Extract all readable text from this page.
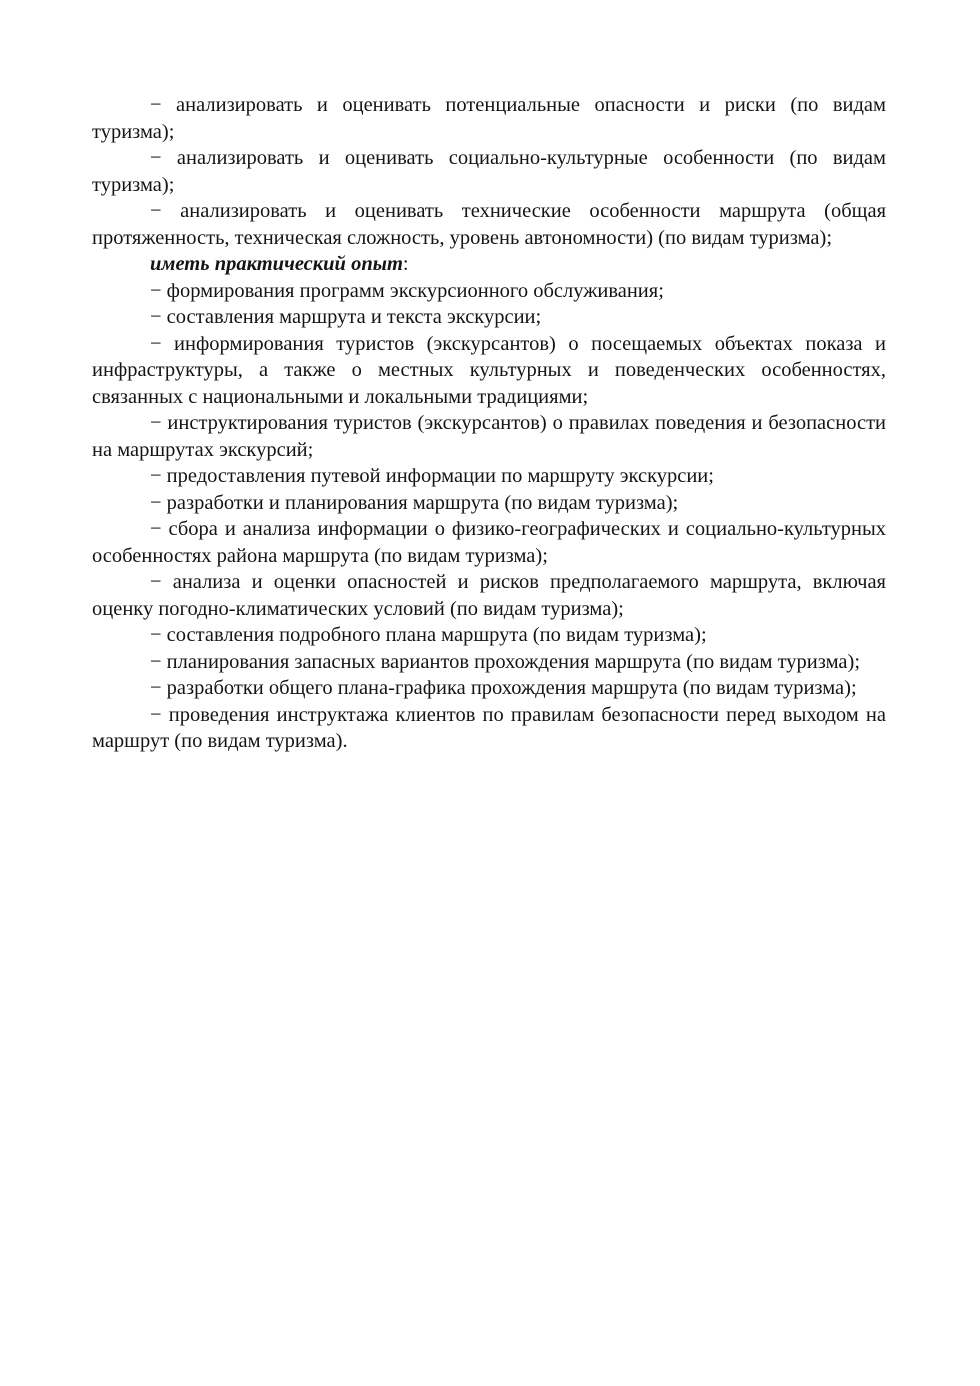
− анализировать и оценивать потенциальные опасности и риски (по видам туризма);

− анализировать и оценивать социально-культурные особенности (по видам туризма);

− анализировать и оценивать технические особенности маршрута (общая протяженность, техническая сложность, уровень автономности) (по видам туризма);

иметь практический опыт:

− формирования программ экскурсионного обслуживания;

− составления маршрута и текста экскурсии;

− информирования туристов (экскурсантов) о посещаемых объектах показа и инфраструктуры, а также о местных культурных и поведенческих особенностях, связанных с национальными и локальными традициями;

− инструктирования туристов (экскурсантов) о правилах поведения и безопасности на маршрутах экскурсий;

− предоставления путевой информации по маршруту экскурсии;

− разработки и планирования маршрута (по видам туризма);

− сбора и анализа информации о физико-географических и социально-культурных особенностях района маршрута (по видам туризма);

− анализа и оценки опасностей и рисков предполагаемого маршрута, включая оценку погодно-климатических условий (по видам туризма);

− составления подробного плана маршрута (по видам туризма);

− планирования запасных вариантов прохождения маршрута (по видам туризма);

− разработки общего плана-графика прохождения маршрута (по видам туризма);

− проведения инструктажа клиентов по правилам безопасности перед выходом на маршрут (по видам туризма).
